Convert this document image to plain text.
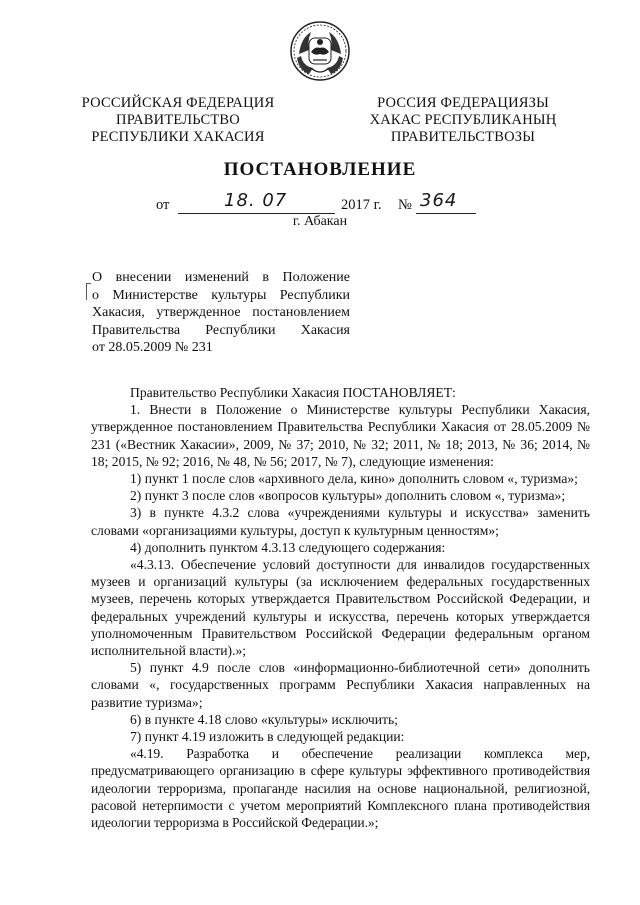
РОССИЙСКАЯ ФЕДЕРАЦИЯ
ПРАВИТЕЛЬСТВО
РЕСПУБЛИКИ ХАКАСИЯ
РОССИЯ ФЕДЕРАЦИЯЗЫ
ХАКАС РЕСПУБЛИКАНЫҢ
ПРАВИТЕЛЬСТВОЗЫ
ПОСТАНОВЛЕНИЕ
от	18. 07	2017 г. № 364
г. Абакан
О внесении изменений в Положение
о Министерстве культуры Республики
Хакасия, утвержденное постановлением
Правительства Республики Хакасия
от 28.05.2009 № 231

Правительство Республики Хакасия ПОСТАНОВЛЯЕТ:

1. Внести в Положение о Министерстве культуры Республики Хакасия, утвержденное постановлением Правительства Республики Хакасия от 28.05.2009 № 231 («Вестник Хакасии», 2009, № 37; 2010, № 32; 2011, № 18; 2013, № 36; 2014, № 18; 2015, № 92; 2016, № 48, № 56; 2017, № 7), следующие изменения:

1) пункт 1 после слов «архивного дела, кино» дополнить словом «, туризма»;

2) пункт 3 после слов «вопросов культуры» дополнить словом «, туризма»;

3) в пункте 4.3.2 слова «учреждениями культуры и искусства» заменить словами «организациями культуры, доступ к культурным ценностям»;

4) дополнить пунктом 4.3.13 следующего содержания:

«4.3.13. Обеспечение условий доступности для инвалидов государственных музеев и организаций культуры (за исключением федеральных государственных музеев, перечень которых утверждается Правительством Российской Федерации, и федеральных учреждений культуры и искусства, перечень которых утверждается уполномоченным Правительством Российской Федерации федеральным органом исполнительной власти).»;

5) пункт 4.9 после слов «информационно-библиотечной сети» дополнить словами «, государственных программ Республики Хакасия направленных на развитие туризма»;

6) в пункте 4.18 слово «культуры» исключить;

7) пункт 4.19 изложить в следующей редакции:

«4.19. Разработка и обеспечение реализации комплекса мер, предусматривающего организацию в сфере культуры эффективного противодействия идеологии терроризма, пропаганде насилия на основе национальной, религиозной, расовой нетерпимости с учетом мероприятий Комплексного плана противодействия идеологии терроризма в Российской Федерации.»;
